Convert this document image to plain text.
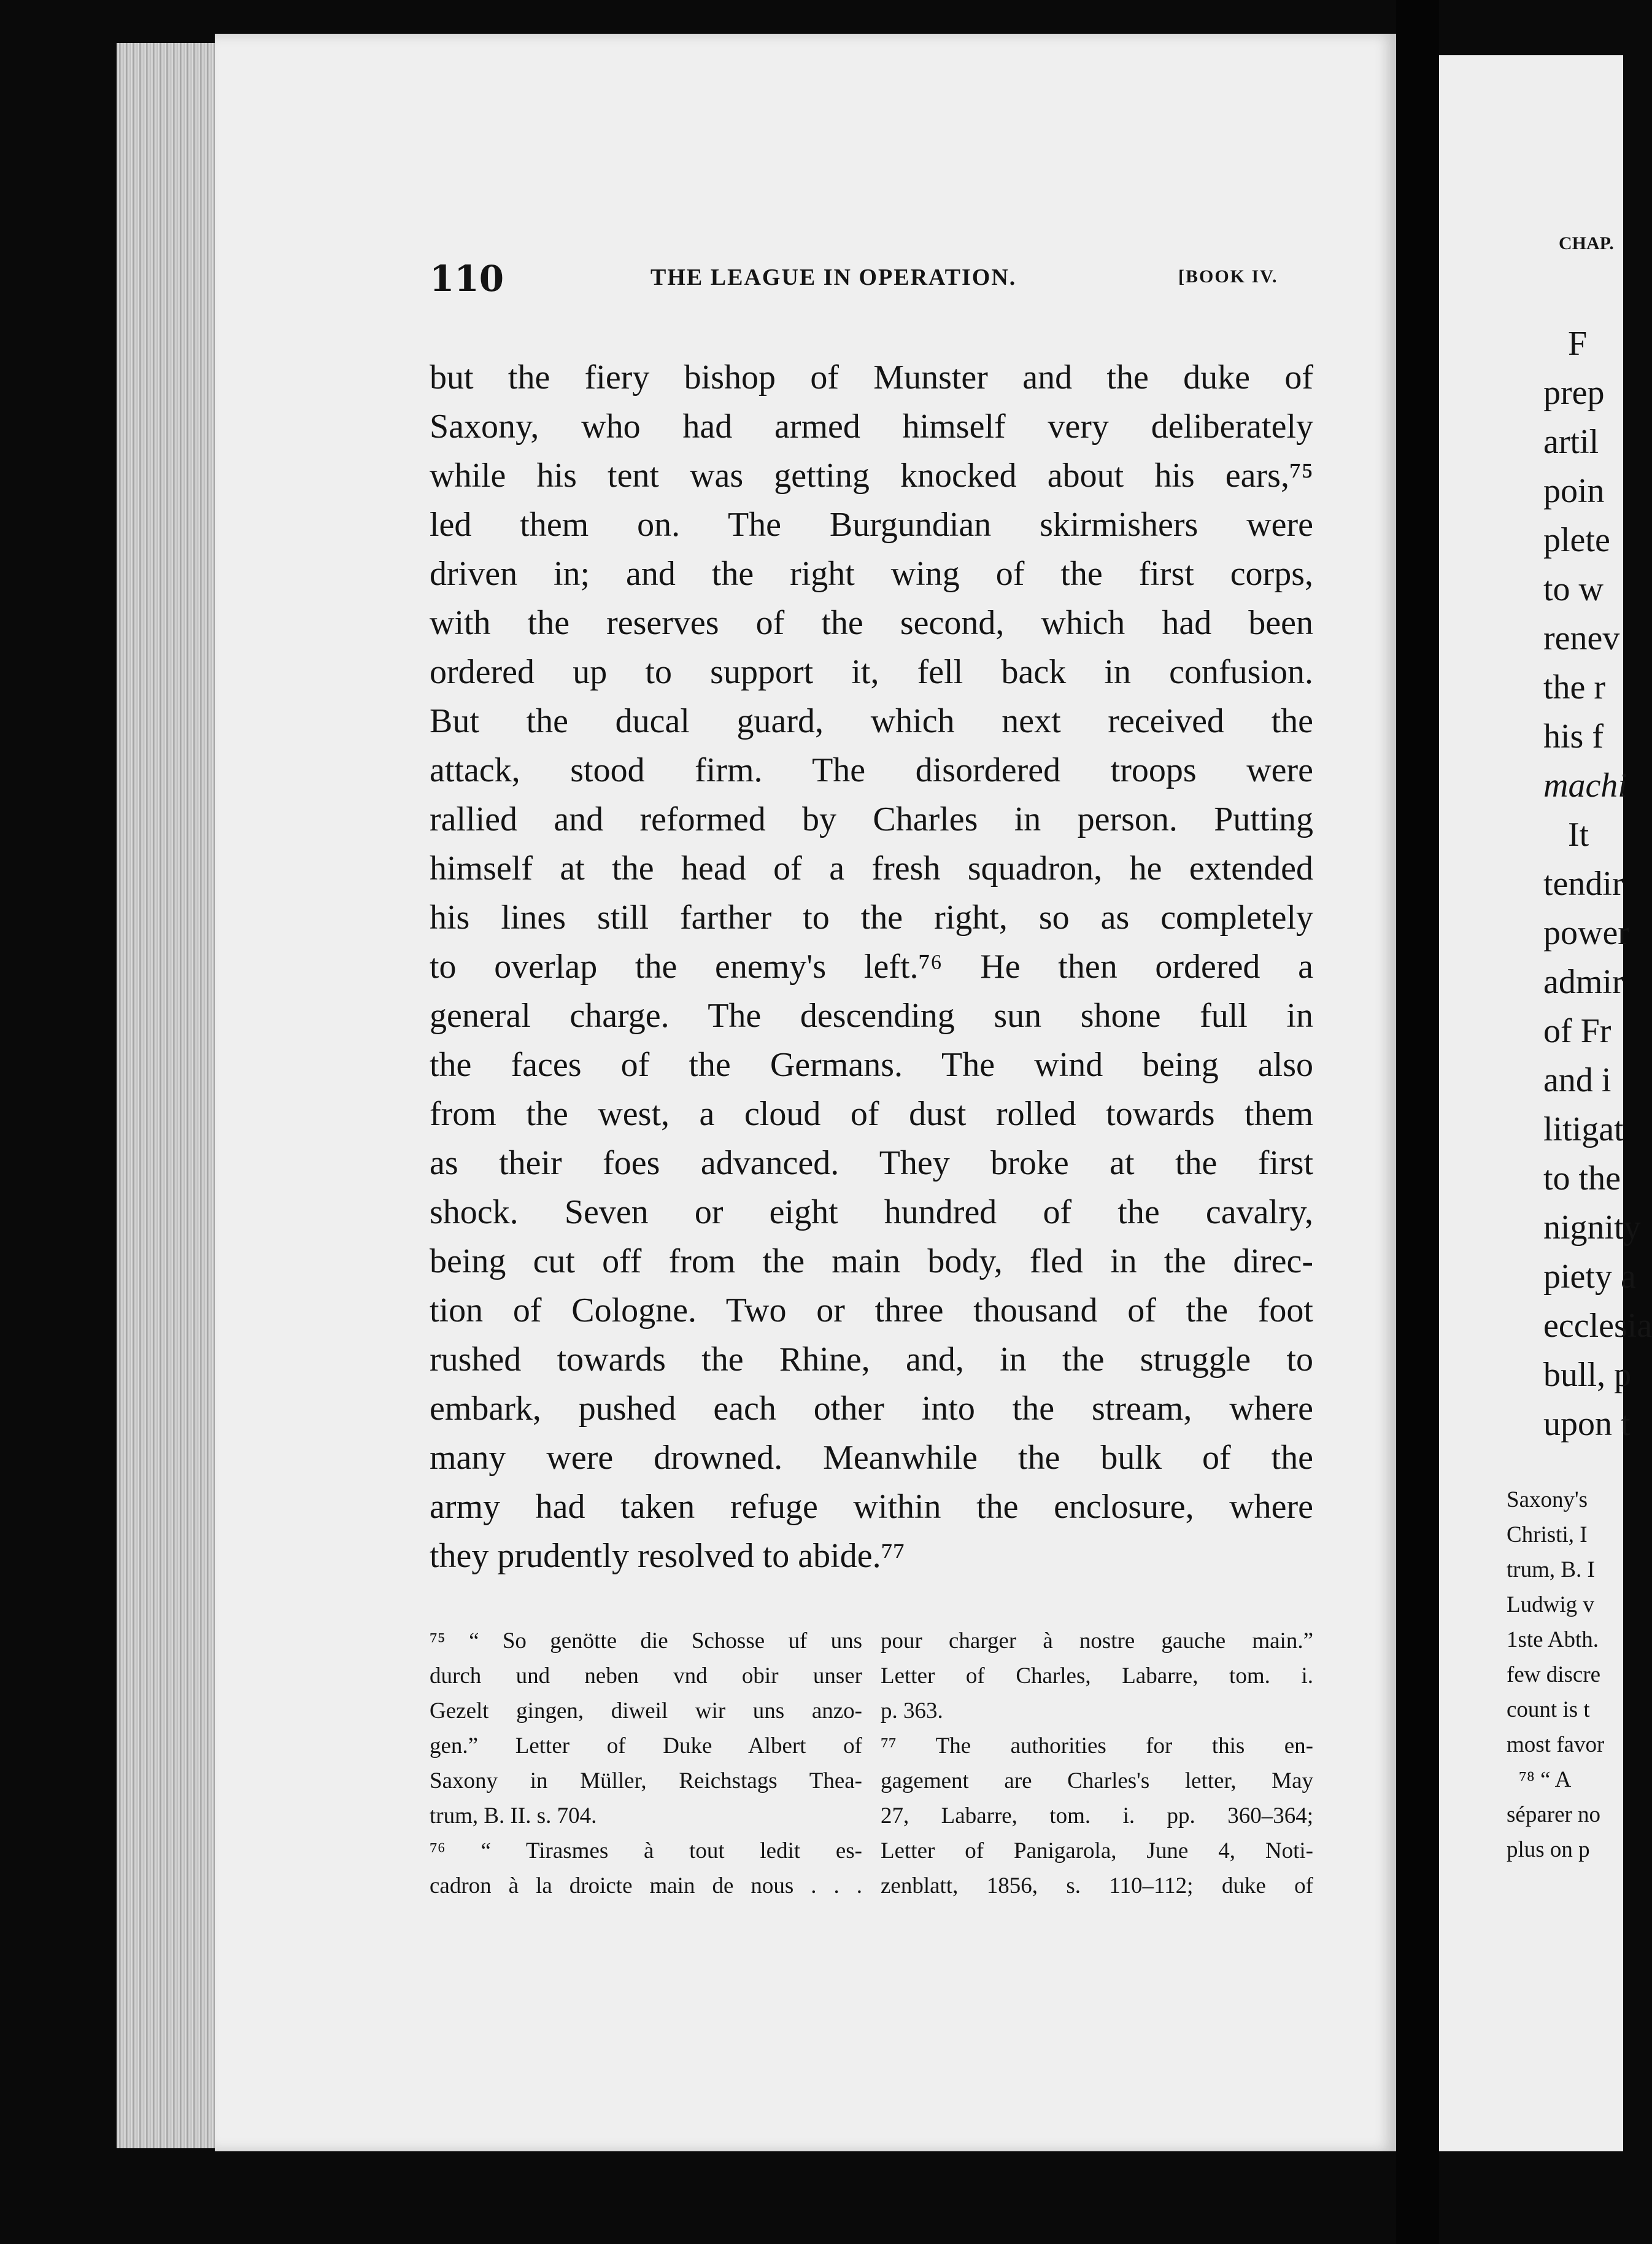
110	THE LEAGUE IN OPERATION.	[BOOK IV.
but the fiery bishop of Munster and the duke of
Saxony, who had armed himself very deliberately
while his tent was getting knocked about his ears,⁷⁵
led them on. The Burgundian skirmishers were
driven in; and the right wing of the first corps,
with the reserves of the second, which had been
ordered up to support it, fell back in confusion.
But the ducal guard, which next received the
attack, stood firm. The disordered troops were
rallied and reformed by Charles in person. Putting
himself at the head of a fresh squadron, he extended
his lines still farther to the right, so as completely
to overlap the enemy's left.⁷⁶ He then ordered a
general charge. The descending sun shone full in
the faces of the Germans. The wind being also
from the west, a cloud of dust rolled towards them
as their foes advanced. They broke at the first
shock. Seven or eight hundred of the cavalry,
being cut off from the main body, fled in the direc-
tion of Cologne. Two or three thousand of the foot
rushed towards the Rhine, and, in the struggle to
embark, pushed each other into the stream, where
many were drowned. Meanwhile the bulk of the
army had taken refuge within the enclosure, where
they prudently resolved to abide.⁷⁷
⁷⁵ “ So genötte die Schosse uf uns
durch und neben vnd obir unser
Gezelt gingen, diweil wir uns anzo-
gen.” Letter of Duke Albert of
Saxony in Müller, Reichstags Thea-
trum, B. II. s. 704.
⁷⁶ “ Tirasmes à tout ledit es-
cadron à la droicte main de nous . . .
pour charger à nostre gauche main.”
Letter of Charles, Labarre, tom. i.
p. 363.
⁷⁷ The authorities for this en-
gagement are Charles's letter, May
27, Labarre, tom. i. pp. 360–364;
Letter of Panigarola, June 4, Noti-
zenblatt, 1856, s. 110–112; duke of
CHAP.
F
prep
artil
poin
plete
to w
renev
the r
his f
machi
It
tendir
power
admir
of Fr
and i
litigat
to the
nignity
piety a
ecclesia
bull, p
upon t
Saxony's
Christi, I
trum, B. I
Ludwig v
1ste Abth.
few discre
count is t
most favor
⁷⁸ “ A
séparer no
plus on p
